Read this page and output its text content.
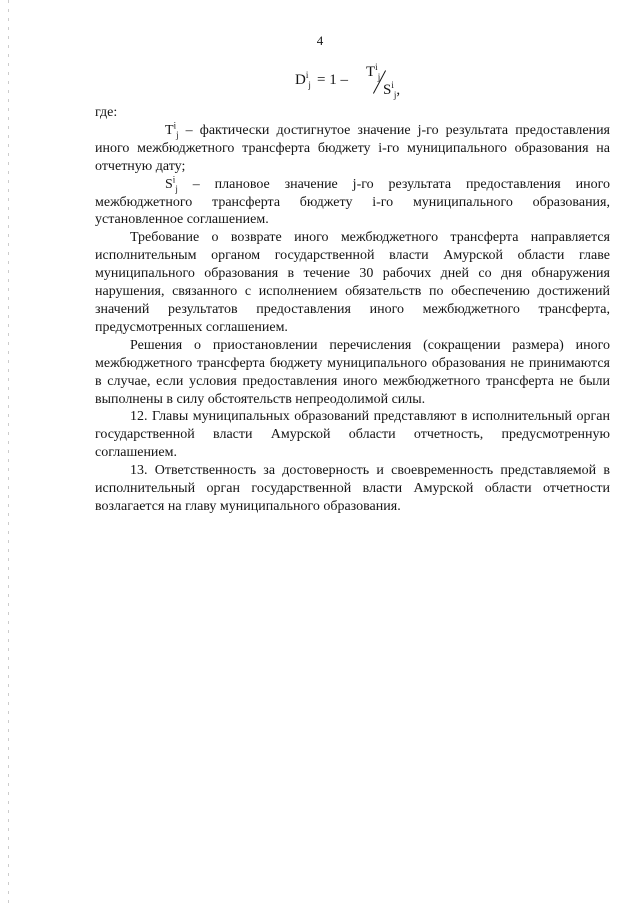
4
$D^i_j = 1 - T^i_j$
$S^i_j$,

где:

$T^i_j$ – фактически достигнутое значение j-го результата предоставления иного межбюджетного трансферта бюджету i-го муниципального образования на отчетную дату;

$S^i_j$ – плановое значение j-го результата предоставления иного межбюджетного трансферта бюджету i-го муниципального образования, установленное соглашением.

Требование о возврате иного межбюджетного трансферта направляется исполнительным органом государственной власти Амурской области главе муниципального образования в течение 30 рабочих дней со дня обнаружения нарушения, связанного с исполнением обязательств по обеспечению достижений значений результатов предоставления иного межбюджетного трансферта, предусмотренных соглашением.

Решения о приостановлении перечисления (сокращении размера) иного межбюджетного трансферта бюджету муниципального образования не принимаются в случае, если условия предоставления иного межбюджетного трансферта не были выполнены в силу обстоятельств непреодолимой силы.

12. Главы муниципальных образований представляют в исполнительный орган государственной власти Амурской области отчетность, предусмотренную соглашением.

13. Ответственность за достоверность и своевременность представляемой в исполнительный орган государственной власти Амурской области отчетности возлагается на главу муниципального образования.
